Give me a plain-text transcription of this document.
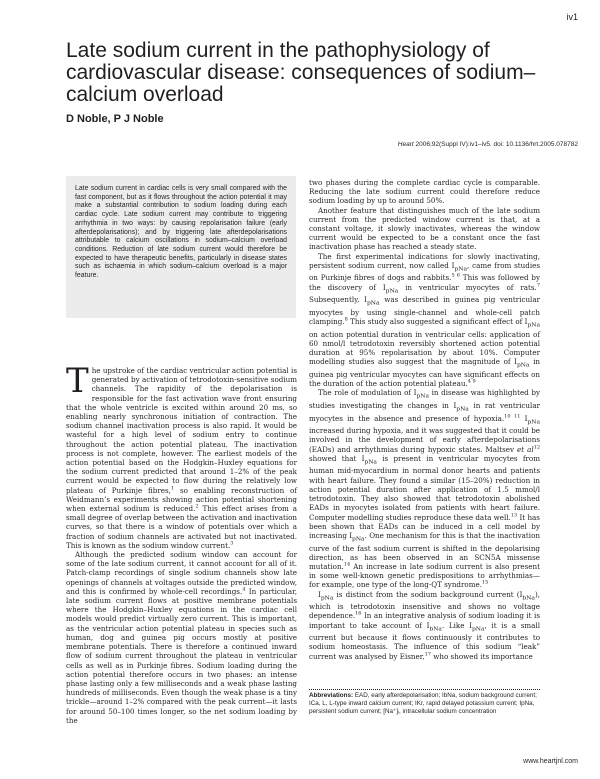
iv1
Late sodium current in the pathophysiology of cardiovascular disease: consequences of sodium–calcium overload
D Noble, P J Noble
Heart 2006;92(Suppl IV):iv1–iv5. doi: 10.1136/hrt.2005.078782

Late sodium current in cardiac cells is very small compared with the fast component, but as it flows throughout the action potential it may make a substantial contribution to sodium loading during each cardiac cycle. Late sodium current may contribute to triggering arrhythmia in two ways: by causing repolarisation failure (early afterdepolarisations); and by triggering late afterdepolarisations attributable to calcium oscillations in sodium–calcium overload conditions. Reduction of late sodium current would therefore be expected to have therapeutic benefits, particularly in disease states such as ischaemia in which sodium–calcium overload is a major feature.

The upstroke of the cardiac ventricular action potential is generated by activation of tetrodotoxin-sensitive sodium channels. The rapidity of the depolarisation is responsible for the fast activation wave front ensuring that the whole ventricle is excited within around 20 ms, so enabling nearly synchronous initiation of contraction. The sodium channel inactivation process is also rapid. It would be wasteful for a high level of sodium entry to continue throughout the action potential plateau. The inactivation process is not complete, however. The earliest models of the action potential based on the Hodgkin–Huxley equations for the sodium current predicted that around 1–2% of the peak current would be expected to flow during the relatively low plateau of Purkinje fibres,$^1$ so enabling reconstruction of Weidmann’s experiments showing action potential shortening when external sodium is reduced.$^2$ This effect arises from a small degree of overlap between the activation and inactivation curves, so that there is a window of potentials over which a fraction of sodium channels are activated but not inactivated. This is known as the sodium window current.$^3$

Although the predicted sodium window can account for some of the late sodium current, it cannot account for all of it. Patch-clamp recordings of single sodium channels show late openings of channels at voltages outside the predicted window, and this is confirmed by whole-cell recordings.$^4$ In particular, late sodium current flows at positive membrane potentials where the Hodgkin–Huxley equations in the cardiac cell models would predict virtually zero current. This is important, as the ventricular action potential plateau in species such as human, dog and guinea pig occurs mostly at positive membrane potentials. There is therefore a continued inward flow of sodium current throughout the plateau in ventricular cells as well as in Purkinje fibres. Sodium loading during the action potential therefore occurs in two phases: an intense phase lasting only a few milliseconds and a weak phase lasting hundreds of milliseconds. Even though the weak phase is a tiny trickle—around 1–2% compared with the peak current—it lasts for around 50–100 times longer, so the net sodium loading by the

two phases during the complete cardiac cycle is comparable. Reducing the late sodium current could therefore reduce sodium loading by up to around 50%.

Another feature that distinguishes much of the late sodium current from the predicted window current is that, at a constant voltage, it slowly inactivates, whereas the window current would be expected to be a constant once the fast inactivation phase has reached a steady state.

The first experimental indications for slowly inactivating, persistent sodium current, now called $I_{pNa}$, came from studies on Purkinje fibres of dogs and rabbits.$^{5 6}$ This was followed by the discovery of $I_{pNa}$ in ventricular myocytes of rats.$^7$ Subsequently, $I_{pNa}$ was described in guinea pig ventricular myocytes by using single-channel and whole-cell patch clamping.$^8$ This study also suggested a significant effect of $I_{pNa}$ on action potential duration in ventricular cells: application of 60 nmol/l tetrodotoxin reversibly shortened action potential duration at 95% repolarisation by about 10%. Computer modelling studies also suggest that the magnitude of $I_{pNa}$ in guinea pig ventricular myocytes can have significant effects on the duration of the action potential plateau.$^{4 9}$

The role of modulation of $I_{pNa}$ in disease was highlighted by studies investigating the changes in $I_{pNa}$ in rat ventricular myocytes in the absence and presence of hypoxia.$^{10 11}$ $I_{pNa}$ increased during hypoxia, and it was suggested that it could be involved in the development of early afterdepolarisations (EADs) and arrhythmias during hypoxic states. Maltsev et $al^{12}$ showed that $I_{pNa}$ is present in ventricular myocytes from human mid-myocardium in normal donor hearts and patients with heart failure. They found a similar (15–20%) reduction in action potential duration after application of 1.5 mmol/l tetrodotoxin. They also showed that tetrodotoxin abolished EADs in myocytes isolated from patients with heart failure. Computer modelling studies reproduce these data well.$^{13}$ It has been shown that EADs can be induced in a cell model by increasing $I_{pNa}$. One mechanism for this is that the inactivation curve of the fast sodium current is shifted in the depolarising direction, as has been observed in an SCN5A missense mutation.$^{14}$ An increase in late sodium current is also present in some well-known genetic predispositions to arrhythmias—for example, one type of the long-QT syndrome.$^{15}$

$I_{pNa}$ is distinct from the sodium background current $(I_{bNa})$, which is tetrodotoxin insensitive and shows no voltage dependence.$^{16}$ In an integrative analysis of sodium loading it is important to take account of $I_{bNa}$. Like $I_{pNa}$, it is a small current but because it flows continuously it contributes to sodium homeostasis. The influence of this sodium “leak” current was analysed by Eisner,$^{17}$ who showed its importance

Abbreviations: EAD, early afterdepolarisation; IbNa, sodium background current; ICa, L, L-type inward calcium current; IKr, rapid delayed potassium current; IpNa, persistent sodium current; [Na⁺]ᵢ, intracellular sodium concentration

www.heartjnl.com
